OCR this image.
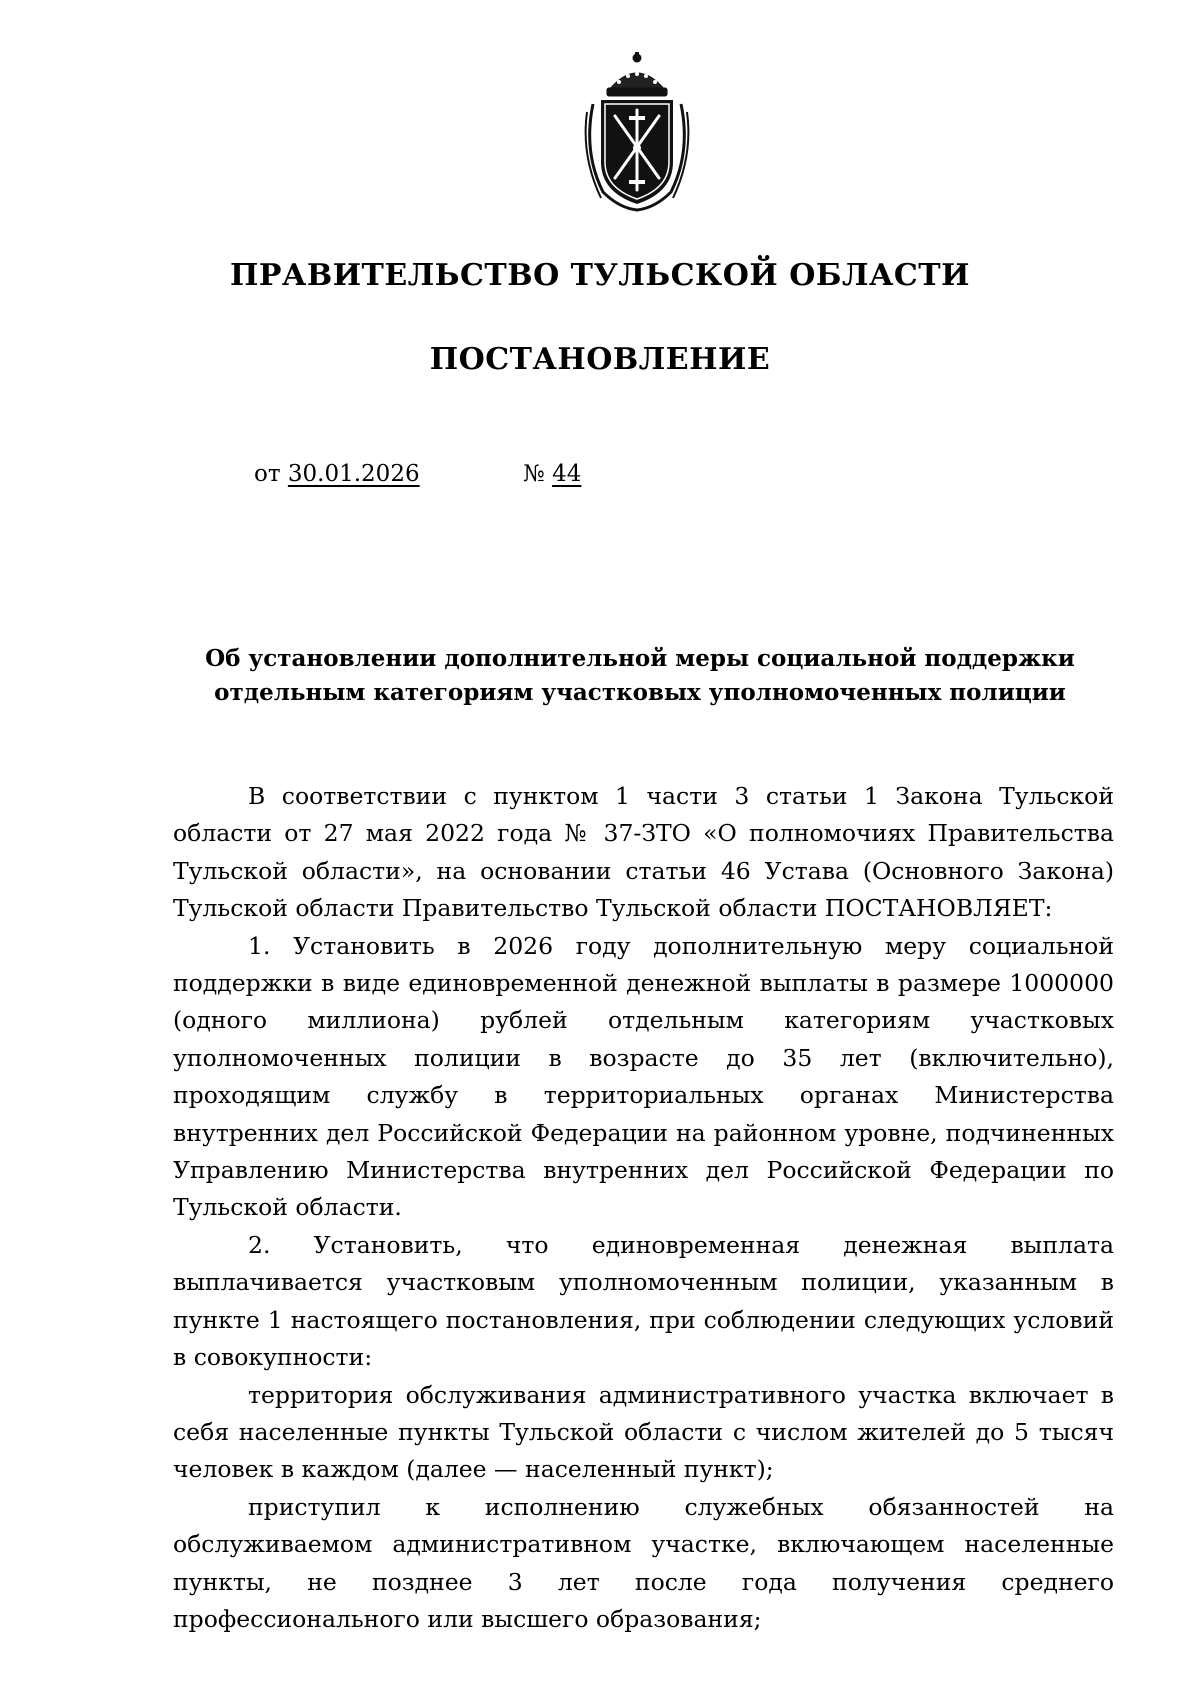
ПРАВИТЕЛЬСТВО ТУЛЬСКОЙ ОБЛАСТИ
ПОСТАНОВЛЕНИЕ
от 30.01.2026	№ 44
Об установлении дополнительной меры социальной поддержки
отдельным категориям участковых уполномоченных полиции

В соответствии с пунктом 1 части 3 статьи 1 Закона Тульской области от 27 мая 2022 года № 37-ЗТО «О полномочиях Правительства Тульской области», на основании статьи 46 Устава (Основного Закона) Тульской области Правительство Тульской области ПОСТАНОВЛЯЕТ:

1. Установить в 2026 году дополнительную меру социальной поддержки в виде единовременной денежной выплаты в размере 1000000 (одного миллиона) рублей отдельным категориям участковых уполномоченных полиции в возрасте до 35 лет (включительно), проходящим службу в территориальных органах Министерства внутренних дел Российской Федерации на районном уровне, подчиненных Управлению Министерства внутренних дел Российской Федерации по Тульской области.

2. Установить, что единовременная денежная выплата выплачивается участковым уполномоченным полиции, указанным в пункте 1 настоящего постановления, при соблюдении следующих условий в совокупности:

территория обслуживания административного участка включает в себя населенные пункты Тульской области с числом жителей до 5 тысяч человек в каждом (далее — населенный пункт);

приступил к исполнению служебных обязанностей на обслуживаемом административном участке, включающем населенные пункты, не позднее 3 лет после года получения среднего профессионального или высшего образования;
